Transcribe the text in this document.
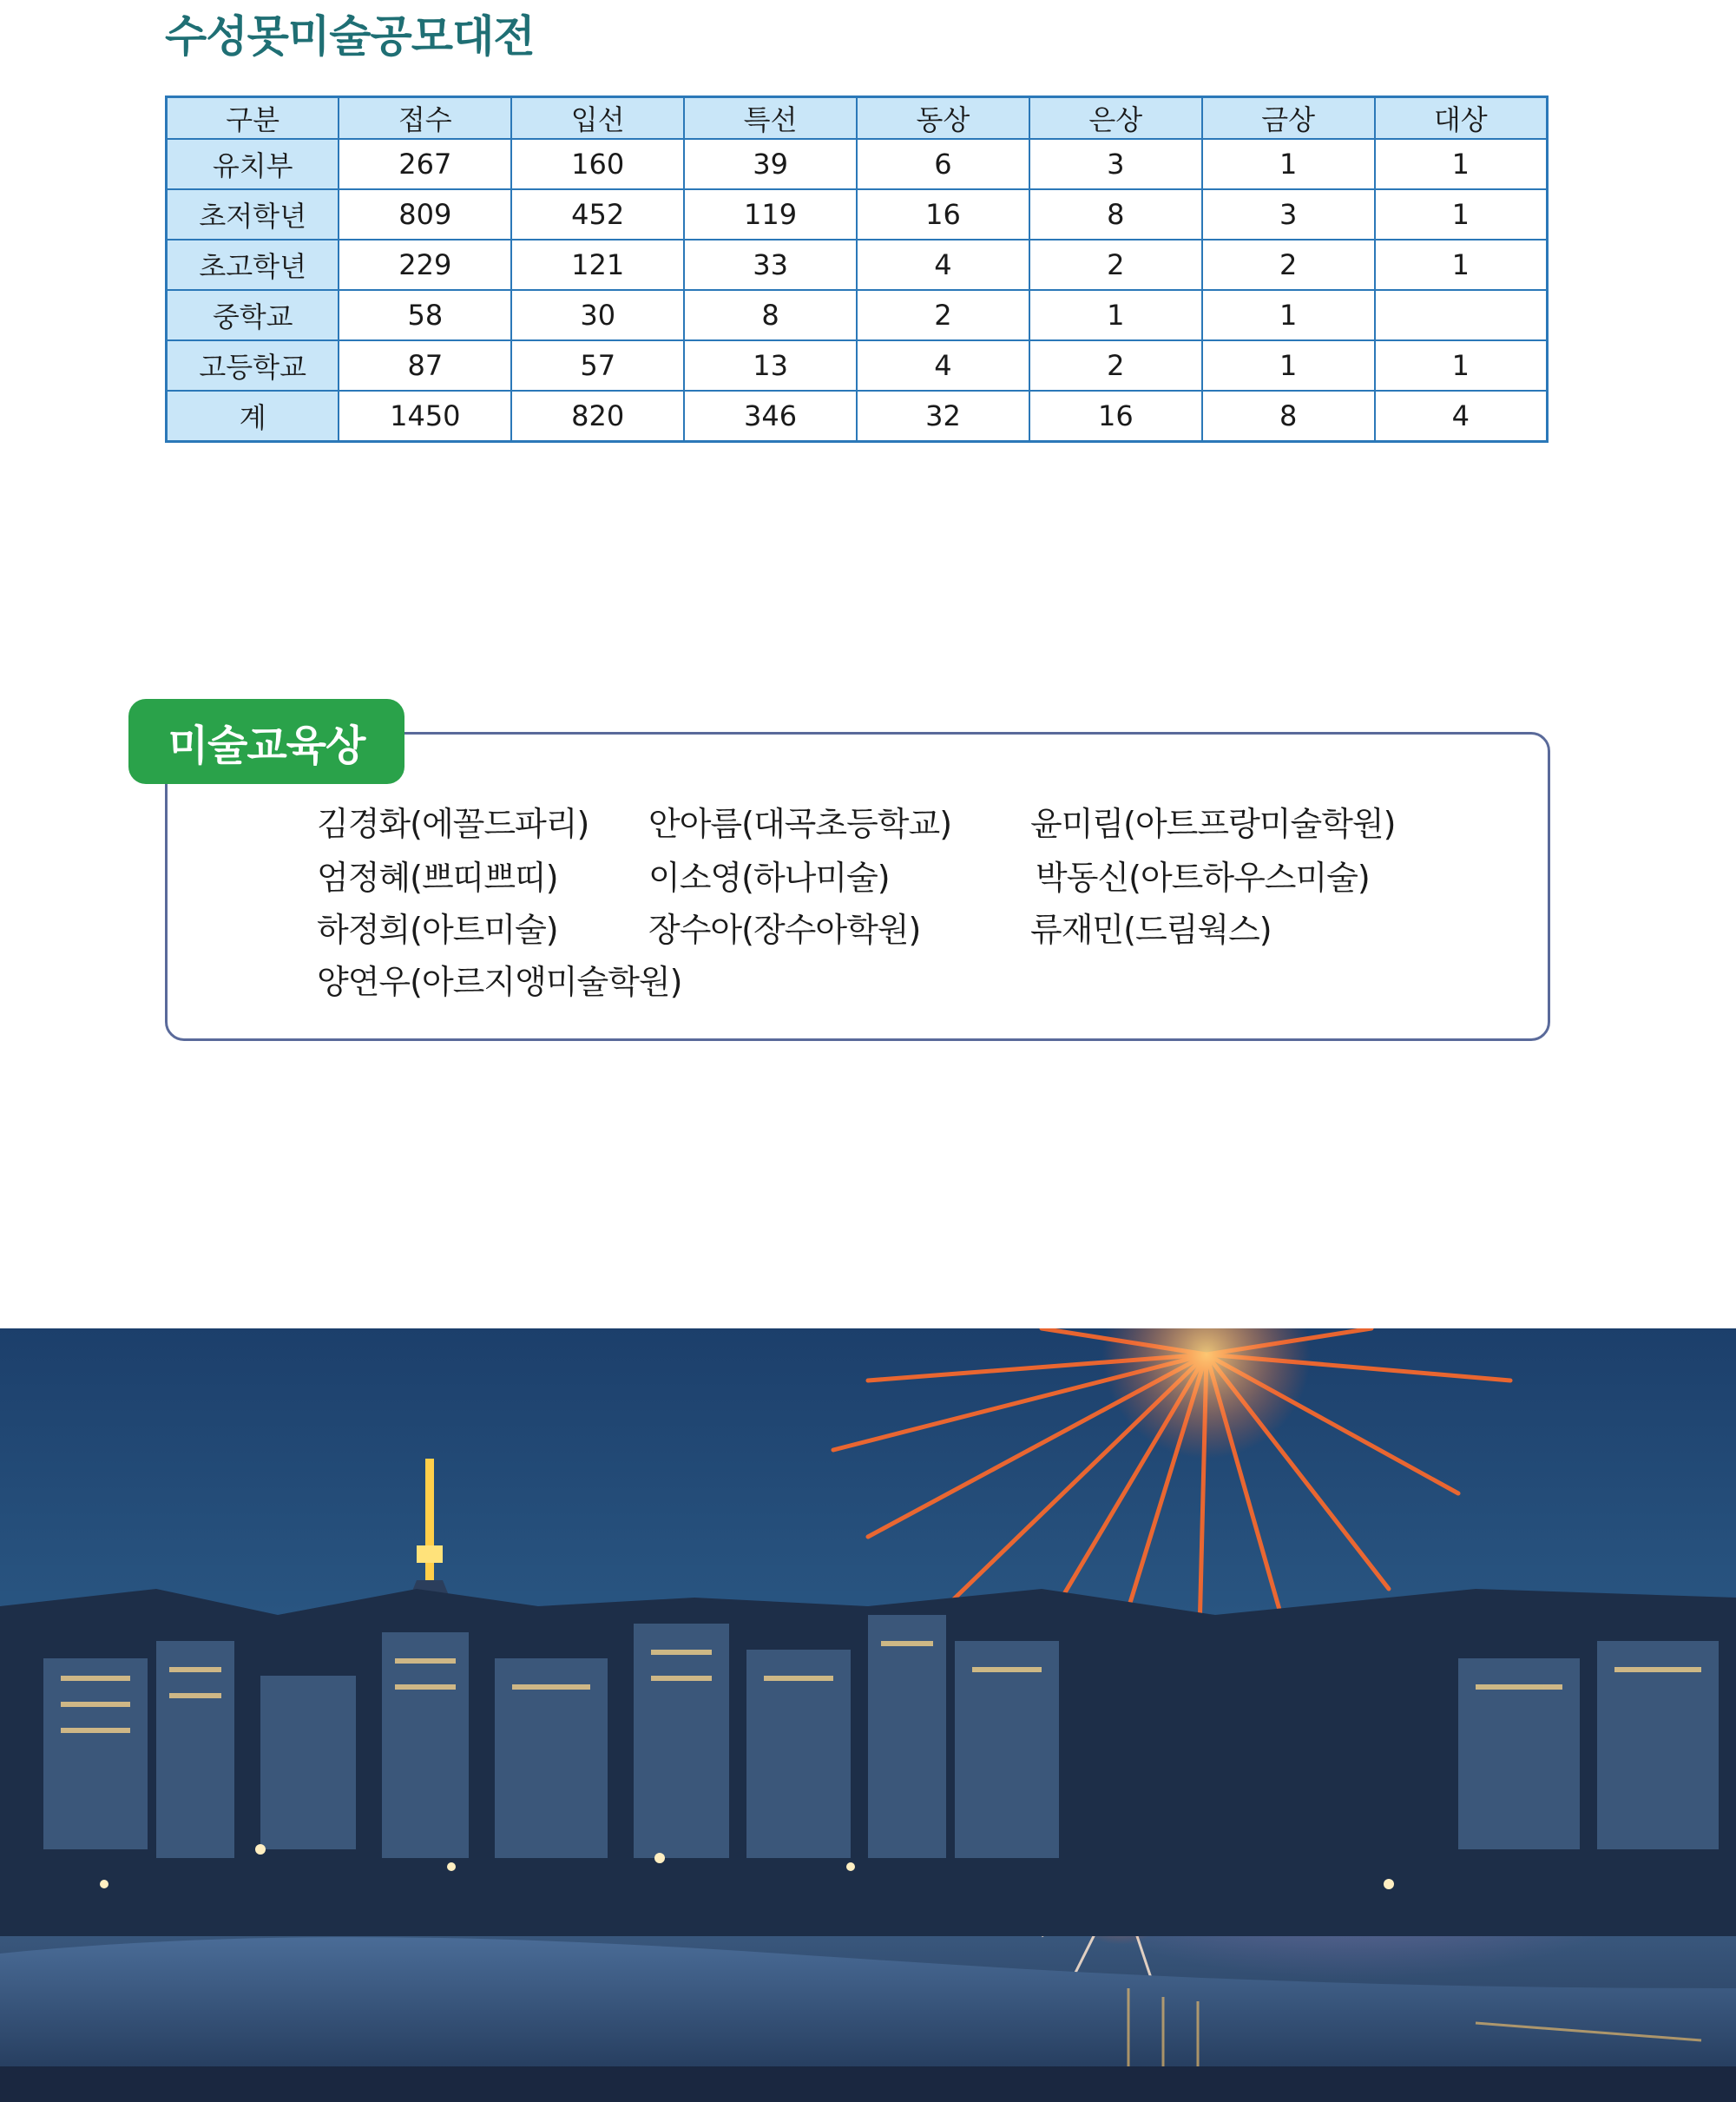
수성못미술공모대전
구분	접수	입선	특선	동상	은상	금상	대상
유치부	267	160	39	6	3	1	1
초저학년	809	452	119	16	8	3	1
초고학년	229	121	33	4	2	2	1
중학교	58	30	8	2	1	1	
고등학교	87	57	13	4	2	1	1
계	1450	820	346	32	16	8	4
미술교육상
김경화(에꼴드파리) 안아름(대곡초등학교) 윤미림(아트프랑미술학원)
엄정혜(쁘띠쁘띠)	이소영(하나미술)	박동신(아트하우스미술)
하정희(아트미술)	장수아(장수아학원)	류재민(드림웍스)
양연우(아르지앵미술학원)
